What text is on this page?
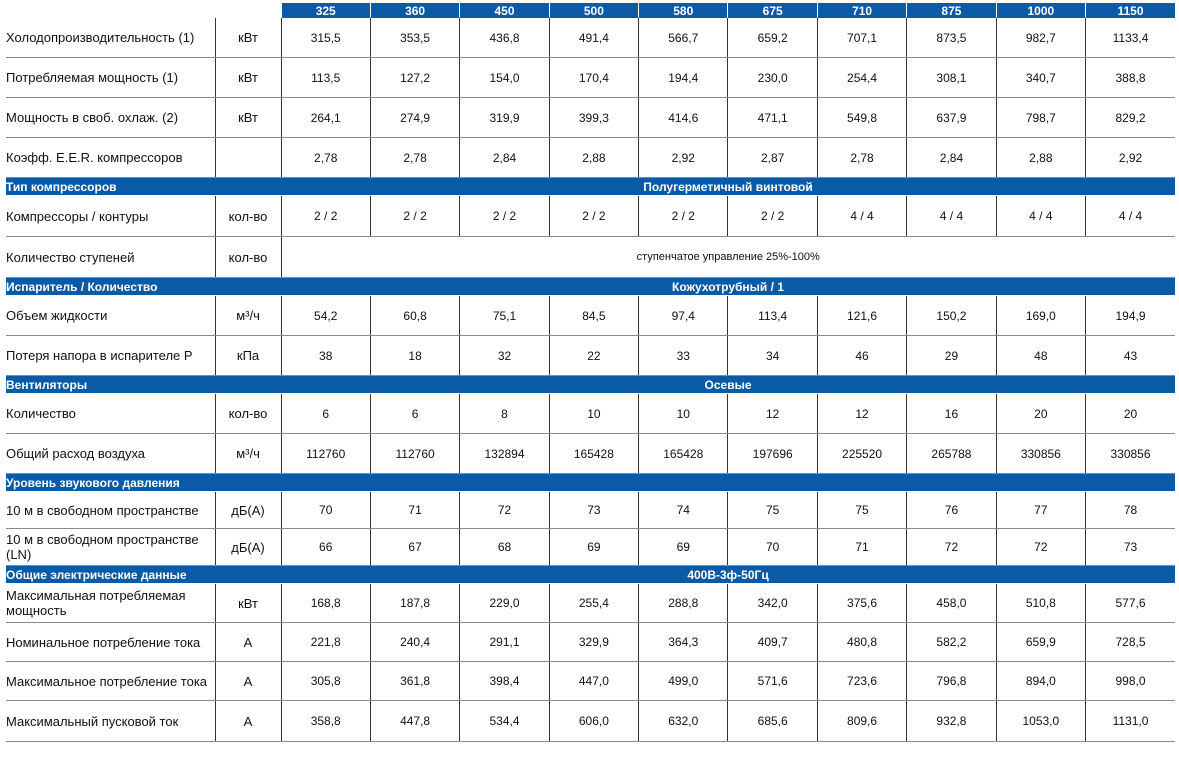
		325	360	450	500	580	675	710	875	1000	1150
Холодопроизводительность (1)	кВт	315,5	353,5	436,8	491,4	566,7	659,2	707,1	873,5	982,7	1133,4
Потребляемая мощность (1)	кВт	113,5	127,2	154,0	170,4	194,4	230,0	254,4	308,1	340,7	388,8
Мощность в своб. охлаж. (2)	кВт	264,1	274,9	319,9	399,3	414,6	471,1	549,8	637,9	798,7	829,2
Коэфф. E.E.R. компрессоров		2,78	2,78	2,84	2,88	2,92	2,87	2,78	2,84	2,88	2,92
Тип компрессоров		Полугерметичный винтовой									
Компрессоры / контуры	кол-во	2 / 2	2 / 2	2 / 2	2 / 2	2 / 2	2 / 2	4 / 4	4 / 4	4 / 4	4 / 4
Количество ступеней	кол-во	ступенчатое управление 25%-100%									
Испаритель / Количество		Кожухотрубный / 1									
Объем жидкости	м³/ч	54,2	60,8	75,1	84,5	97,4	113,4	121,6	150,2	169,0	194,9
Потеря напора в испарителе P	кПа	38	18	32	22	33	34	46	29	48	43
Вентиляторы		Осевые									
Количество	кол-во	6	6	8	10	10	12	12	16	20	20
Общий расход воздуха	м³/ч	112760	112760	132894	165428	165428	197696	225520	265788	330856	330856
Уровень звукового давления											
10 м в свободном пространстве	дБ(А)	70	71	72	73	74	75	75	76	77	78
10 м в свободном пространстве (LN)	дБ(А)	66	67	68	69	69	70	71	72	72	73
Общие электрические данные		400В-3ф-50Гц									
Максимальная потребляемая мощность	кВт	168,8	187,8	229,0	255,4	288,8	342,0	375,6	458,0	510,8	577,6
Номинальное потребление тока	А	221,8	240,4	291,1	329,9	364,3	409,7	480,8	582,2	659,9	728,5
Максимальное потребление тока	А	305,8	361,8	398,4	447,0	499,0	571,6	723,6	796,8	894,0	998,0
Максимальный пусковой ток	А	358,8	447,8	534,4	606,0	632,0	685,6	809,6	932,8	1053,0	1131,0
